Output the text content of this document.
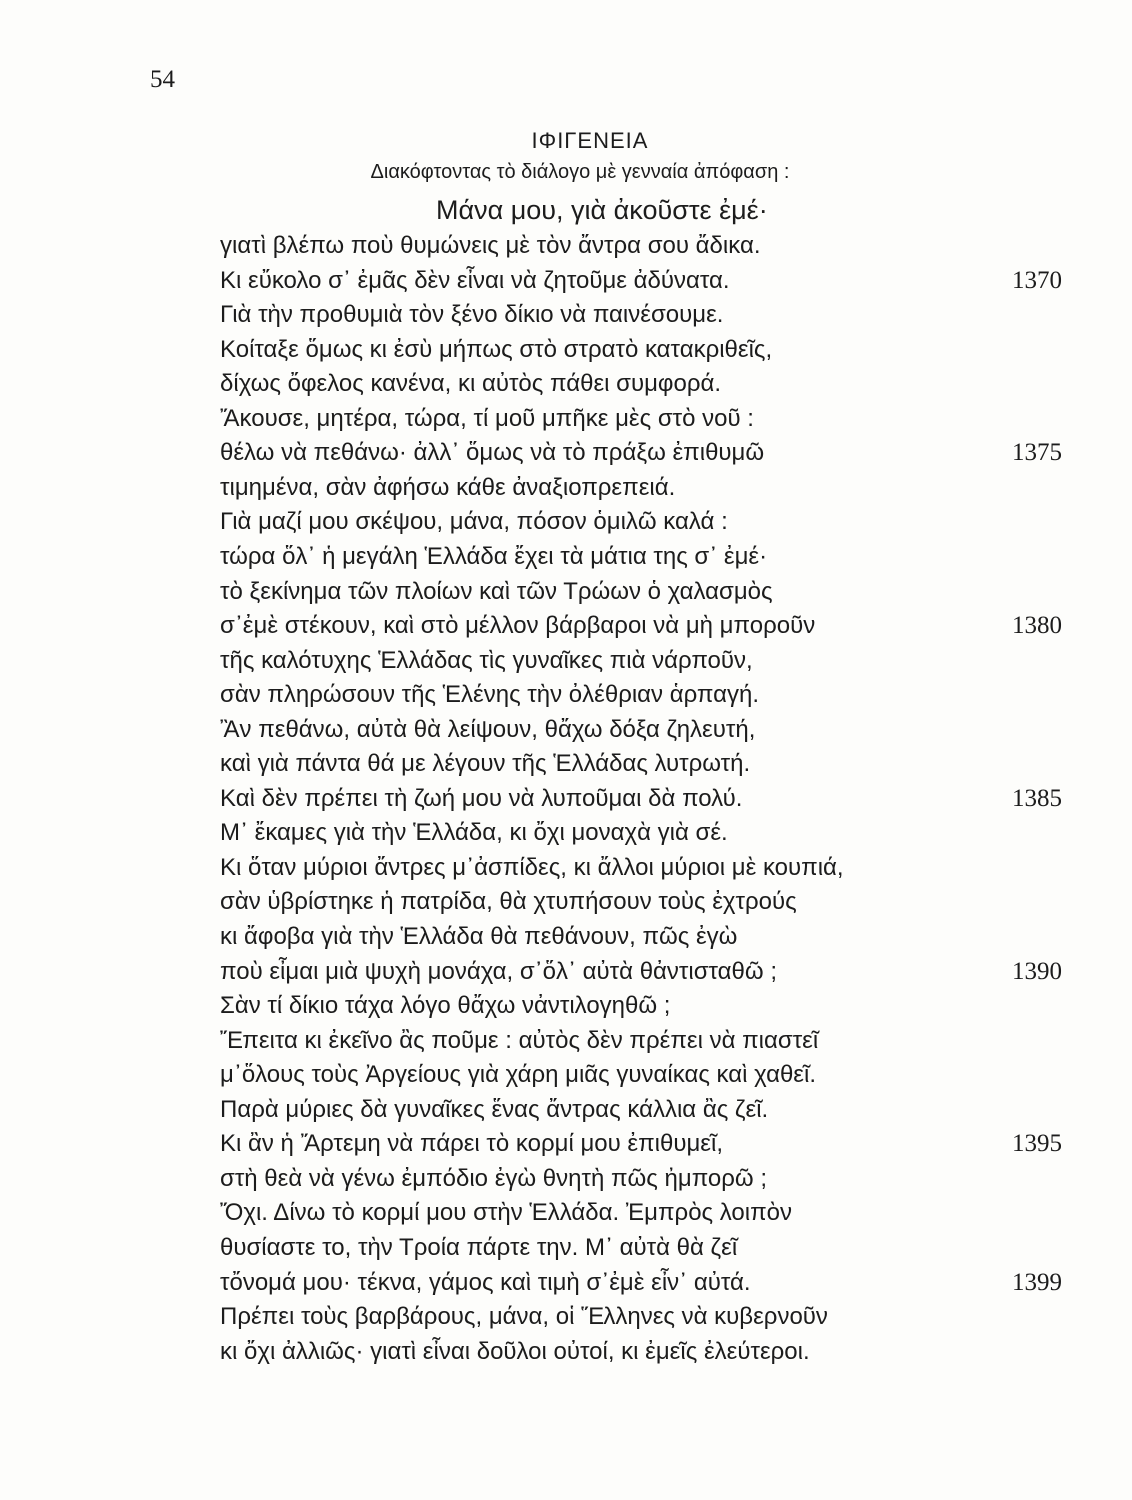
54
ΙΦΙΓΕΝΕΙΑ
Διακόφτοντας τὸ διάλογο μὲ γενναία ἀπόφαση :
Μάνα μου, γιὰ ἀκοῦστε ἐμέ·
γιατὶ βλέπω ποὺ θυμώνεις μὲ τὸν ἄντρα σου ἄδικα.
Κι εὔκολο σ᾽ ἐμᾶς δὲν εἶναι νὰ ζητοῦμε ἀδύνατα.	1370
Γιὰ τὴν προθυμιὰ τὸν ξένο δίκιο νὰ παινέσουμε.
Κοίταξε ὅμως κι ἐσὺ μήπως στὸ στρατὸ κατακριθεῖς,
δίχως ὄφελος κανένα, κι αὐτὸς πάθει συμφορά.
Ἄκουσε, μητέρα, τώρα, τί μοῦ μπῆκε μὲς στὸ νοῦ :
θέλω νὰ πεθάνω· ἀλλ᾽ ὅμως νὰ τὸ πράξω ἐπιθυμῶ	1375
τιμημένα, σὰν ἀφήσω κάθε ἀναξιοπρεπειά.
Γιὰ μαζί μου σκέψου, μάνα, πόσον ὁμιλῶ καλά :
τώρα ὅλ᾽ ἡ μεγάλη Ἑλλάδα ἔχει τὰ μάτια της σ᾽ ἐμέ·
τὸ ξεκίνημα τῶν πλοίων καὶ τῶν Τρώων ὁ χαλασμὸς
σ᾽ἐμὲ στέκουν, καὶ στὸ μέλλον βάρβαροι νὰ μὴ μποροῦν	1380
τῆς καλότυχης Ἑλλάδας τὶς γυναῖκες πιὰ νάρποῦν,
σὰν πληρώσουν τῆς Ἑλένης τὴν ὀλέθριαν ἁρπαγή.
Ἂν πεθάνω, αὐτὰ θὰ λείψουν, θἄχω δόξα ζηλευτή,
καὶ γιὰ πάντα θά με λέγουν τῆς Ἑλλάδας λυτρωτή.
Καὶ δὲν πρέπει τὴ ζωή μου νὰ λυποῦμαι δὰ πολύ.	1385
Μ᾽ ἔκαμες γιὰ τὴν Ἑλλάδα, κι ὄχι μοναχὰ γιὰ σέ.
Κι ὅταν μύριοι ἄντρες μ᾽ἀσπίδες, κι ἄλλοι μύριοι μὲ κουπιά,
σὰν ὑβρίστηκε ἡ πατρίδα, θὰ χτυπήσουν τοὺς ἐχτρούς
κι ἄφοβα γιὰ τὴν Ἑλλάδα θὰ πεθάνουν, πῶς ἐγὼ
ποὺ εἶμαι μιὰ ψυχὴ μονάχα, σ᾽ὅλ᾽ αὐτὰ θἀντισταθῶ ;	1390
Σὰν τί δίκιο τάχα λόγο θἄχω νἀντιλογηθῶ ;
Ἔπειτα κι ἐκεῖνο ἂς ποῦμε : αὐτὸς δὲν πρέπει νὰ πιαστεῖ
μ᾽ὅλους τοὺς Ἀργείους γιὰ χάρη μιᾶς γυναίκας καὶ χαθεῖ.
Παρὰ μύριες δὰ γυναῖκες ἕνας ἄντρας κάλλια ἂς ζεῖ.
Κι ἂν ἡ Ἄρτεμη νὰ πάρει τὸ κορμί μου ἐπιθυμεῖ,	1395
στὴ θεὰ νὰ γένω ἐμπόδιο ἐγὼ θνητὴ πῶς ἠμπορῶ ;
Ὄχι. Δίνω τὸ κορμί μου στὴν Ἑλλάδα. Ἐμπρὸς λοιπὸν
θυσίαστε το, τὴν Τροία πάρτε την. Μ᾽ αὐτὰ θὰ ζεῖ
τὄνομά μου· τέκνα, γάμος καὶ τιμὴ σ᾽ἐμὲ εἶν᾽ αὐτά.	1399
Πρέπει τοὺς βαρβάρους, μάνα, οἱ Ἕλληνες νὰ κυβερνοῦν
κι ὄχι ἀλλιῶς· γιατὶ εἶναι δοῦλοι οὐτοί, κι ἐμεῖς ἐλεύτεροι.
